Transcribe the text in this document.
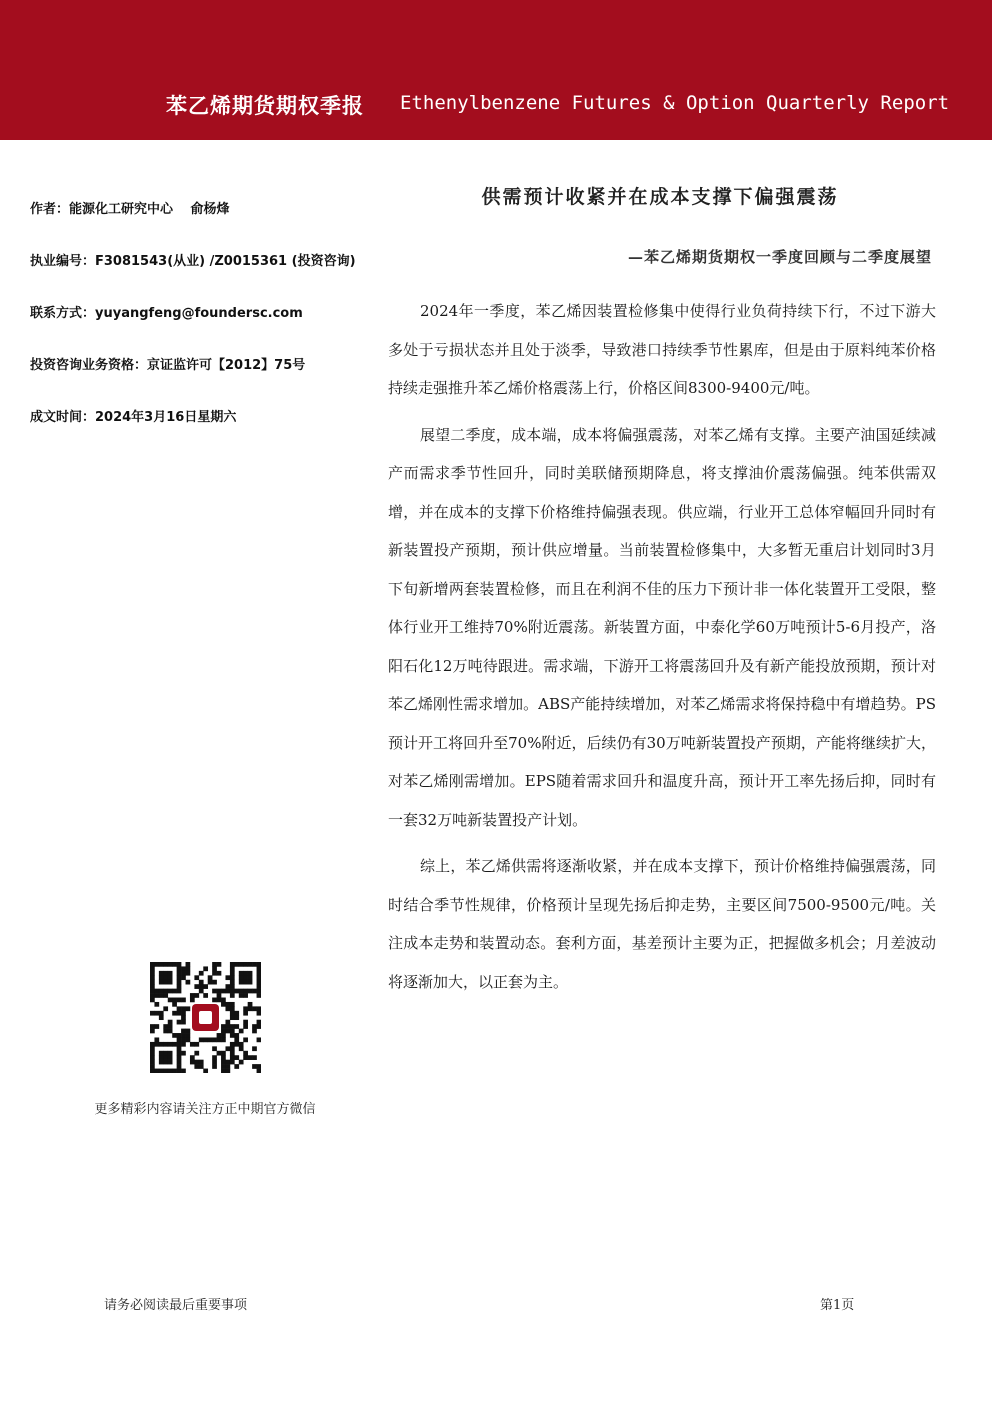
苯乙烯期货期权季报 Ethenylbenzene Futures & Option Quarterly Report
作者：能源化工研究中心　 俞杨烽
执业编号：F3081543(从业) /Z0015361 (投资咨询)
联系方式：yuyangfeng@foundersc.com
投资咨询业务资格：京证监许可【2012】75号
成文时间：2024年3月16日星期六
供需预计收紧并在成本支撑下偏强震荡
—苯乙烯期货期权一季度回顾与二季度展望

2024年一季度，苯乙烯因装置检修集中使得行业负荷持续下行，不过下游大多处于亏损状态并且处于淡季，导致港口持续季节性累库，但是由于原料纯苯价格持续走强推升苯乙烯价格震荡上行，价格区间8300-9400元/吨。

展望二季度，成本端，成本将偏强震荡，对苯乙烯有支撑。主要产油国延续减产而需求季节性回升，同时美联储预期降息，将支撑油价震荡偏强。纯苯供需双增，并在成本的支撑下价格维持偏强表现。供应端，行业开工总体窄幅回升同时有新装置投产预期，预计供应增量。当前装置检修集中，大多暂无重启计划同时3月下旬新增两套装置检修，而且在利润不佳的压力下预计非一体化装置开工受限，整体行业开工维持70%附近震荡。新装置方面，中泰化学60万吨预计5-6月投产，洛阳石化12万吨待跟进。需求端，下游开工将震荡回升及有新产能投放预期，预计对苯乙烯刚性需求增加。ABS产能持续增加，对苯乙烯需求将保持稳中有增趋势。PS预计开工将回升至70%附近，后续仍有30万吨新装置投产预期，产能将继续扩大，对苯乙烯刚需增加。EPS随着需求回升和温度升高，预计开工率先扬后抑，同时有一套32万吨新装置投产计划。

综上，苯乙烯供需将逐渐收紧，并在成本支撑下，预计价格维持偏强震荡，同时结合季节性规律，价格预计呈现先扬后抑走势，主要区间7500-9500元/吨。关注成本走势和装置动态。套利方面，基差预计主要为正，把握做多机会；月差波动将逐渐加大，以正套为主。

更多精彩内容请关注方正中期官方微信
请务必阅读最后重要事项	第1页
